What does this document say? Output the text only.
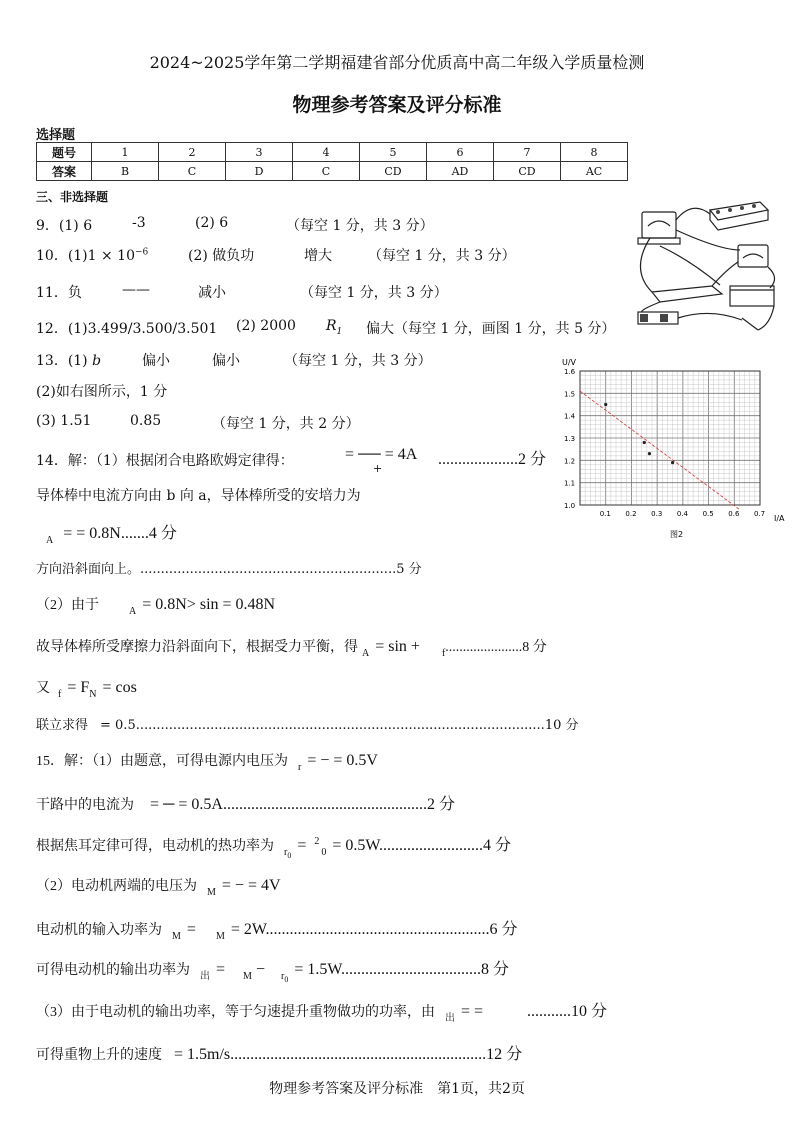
2024~2025学年第二学期福建省部分优质高中高二年级入学质量检测
物理参考答案及评分标准
选择题
题号	1	2	3	4	5	6	7	8
答案	B	C	D	C	CD	AD	CD	AC
三、非选择题
9．(1) 6	-3	(2) 6	（每空 1 分，共 3 分）
10．$(1)1 \times 10^{-6}$	(2) 做负功	增大	（每空 1 分，共 3 分）
11．负	——	减小	（每空 1 分，共 3 分）
12．(1)3.499/3.500/3.501 (2) 2000 $R_1$ 偏大（每空 1 分，画图 1 分，共 5 分）
13．(1) b	偏小	偏小	（每空 1 分，共 3 分）
(2)如右图所示，1 分
(3) 1.51	0.85	（每空 1 分，共 2 分）
14．解：（1）根据闭合电路欧姆定律得：	= ── = 4A
+
....................2 分
导体棒中电流方向由 b 向 a，导体棒所受的安培力为
$_A$ = = 0.8N.......4 分
方向沿斜面向上。..............................................................5 分
（2）由于	$_A$ = 0.8N> sin = 0.48N
故导体棒所受摩擦力沿斜面向下，根据受力平衡，得 $_A$ = sin + $_f$......................8 分
又 $_f = F_N = \cos$
联立求得 = 0.5...................................................................................................10 分
15．解：（1）由题意，可得电源内电压为 $_r$ = − = 0.5V
干路中的电流为 = ─ = 0.5A...................................................2 分
根据焦耳定律可得，电动机的热功率为 $_{r0}$= $^2_0$ = 0.5W..........................4 分
（2）电动机两端的电压为 $_M$ = − = 4V
电动机的输入功率为 $_M$ = $_M$ = 2W........................................................6 分
可得电动机的输出功率为 $_出$ = $_M$ − $_{r0}$= 1.5W...................................8 分
（3）由于电动机的输出功率，等于匀速提升重物做功的功率，由 $_出$ = =	...........10 分
可得重物上升的速度 = 1.5m/s................................................................12 分
1.6
1.5
1.4
1.3
1.2
1.1
1.0
0.1 0.2 0.3 0.4 0.5 0.6 0.7
U/V
I/A
图2
物理参考答案及评分标准　第1页，共2页
